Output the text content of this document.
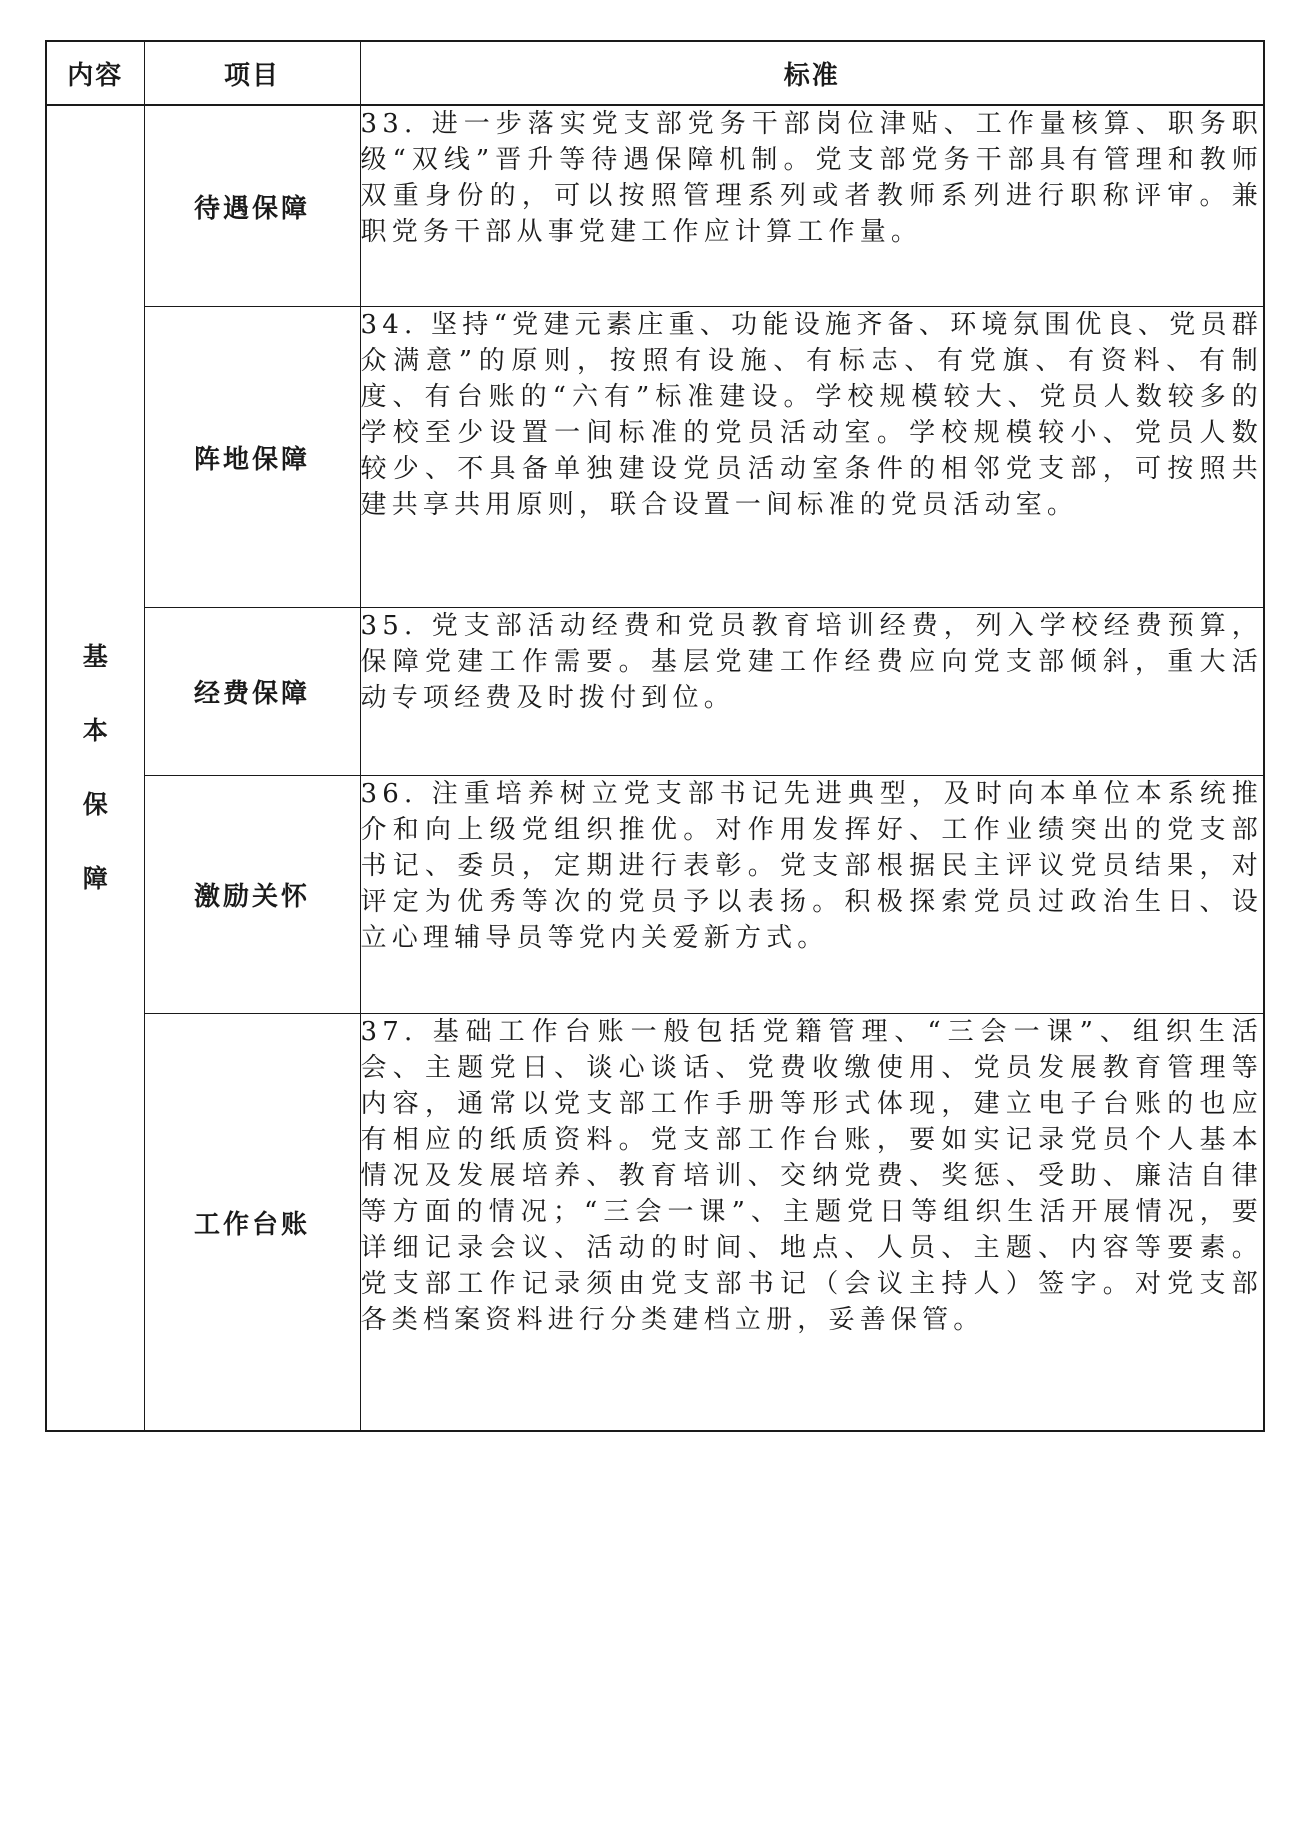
内容	项目	标准
基本保障	待遇保障	33. 进一步落实党支部党务干部岗位津贴、工作量核算、职务职级“双线”晋升等待遇保障机制。党支部党务干部具有管理和教师双重身份的，可以按照管理系列或者教师系列进行职称评审。兼职党务干部从事党建工作应计算工作量。
	阵地保障	34. 坚持“党建元素庄重、功能设施齐备、环境氛围优良、党员群众满意”的原则，按照有设施、有标志、有党旗、有资料、有制度、有台账的“六有”标准建设。学校规模较大、党员人数较多的学校至少设置一间标准的党员活动室。学校规模较小、党员人数较少、不具备单独建设党员活动室条件的相邻党支部，可按照共建共享共用原则，联合设置一间标准的党员活动室。
	经费保障	35. 党支部活动经费和党员教育培训经费，列入学校经费预算，保障党建工作需要。基层党建工作经费应向党支部倾斜，重大活动专项经费及时拨付到位。
	激励关怀	36. 注重培养树立党支部书记先进典型，及时向本单位本系统推介和向上级党组织推优。对作用发挥好、工作业绩突出的党支部书记、委员，定期进行表彰。党支部根据民主评议党员结果，对评定为优秀等次的党员予以表扬。积极探索党员过政治生日、设立心理辅导员等党内关爱新方式。
	工作台账	37. 基础工作台账一般包括党籍管理、“三会一课”、组织生活会、主题党日、谈心谈话、党费收缴使用、党员发展教育管理等内容，通常以党支部工作手册等形式体现，建立电子台账的也应有相应的纸质资料。党支部工作台账，要如实记录党员个人基本情况及发展培养、教育培训、交纳党费、奖惩、受助、廉洁自律等方面的情况；“三会一课”、主题党日等组织生活开展情况，要详细记录会议、活动的时间、地点、人员、主题、内容等要素。党支部工作记录须由党支部书记（会议主持人）签字。对党支部各类档案资料进行分类建档立册，妥善保管。
